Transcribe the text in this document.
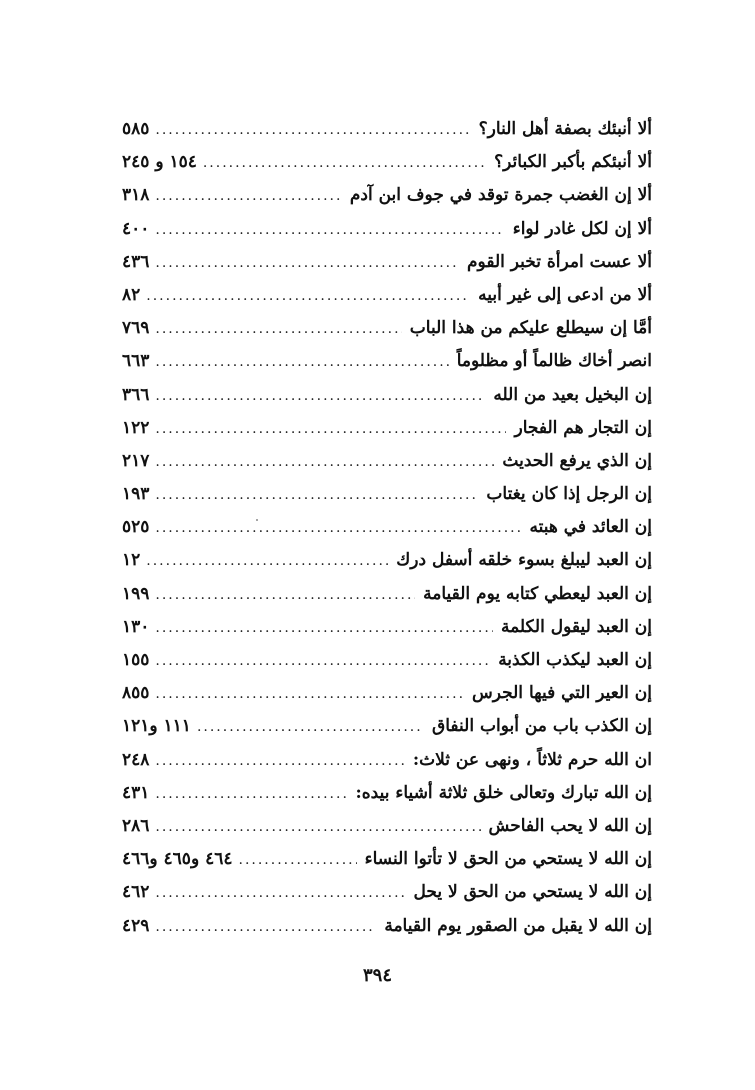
ألا أنبئك بصفة أهل النار؟
.....
٥٨٥
ألا أنبئكم بأكبر الكبائر؟
.....
١٥٤ و ٢٤٥
ألا إن الغضب جمرة توقد في جوف ابن آدم
.....
٣١٨
ألا إن لكل غادر لواء
.....
٤٠٠
ألا عست امرأة تخبر القوم
.....
٤٣٦
ألا من ادعى إلى غير أبيه
.....
٨٢
أمَّا إن سيطلع عليكم من هذا الباب
.....
٧٦٩
انصر أخاك ظالماً أو مظلوماً
.....
٦٦٣
إن البخيل بعيد من الله
.....
٣٦٦
إن التجار هم الفجار
.....
١٢٢
إن الذي يرفع الحديث
.....
٢١٧
إن الرجل إذا كان يغتاب
.....
١٩٣
إن العائد في هبته
.....
٥٢٥
إن العبد ليبلغ بسوء خلقه أسفل درك
.....
١٢
إن العبد ليعطي كتابه يوم القيامة
.....
١٩٩
إن العبد ليقول الكلمة
.....
١٣٠
إن العبد ليكذب الكذبة
.....
١٥٥
إن العير التي فيها الجرس
.....
٨٥٥
إن الكذب باب من أبواب النفاق
.....
١١١ و١٢١
ان الله حرم ثلاثاً ، ونهى عن ثلاث:
.....
٢٤٨
إن الله تبارك وتعالى خلق ثلاثة أشياء بيده:
.....
٤٣١
إن الله لا يحب الفاحش
.....
٢٨٦
إن الله لا يستحي من الحق لا تأتوا النساء
.....
٤٦٤ و٤٦٥ و٤٦٦
إن الله لا يستحي من الحق لا يحل
.....
٤٦٢
إن الله لا يقبل من الصقور يوم القيامة
.....
٤٢٩
٣٩٤
